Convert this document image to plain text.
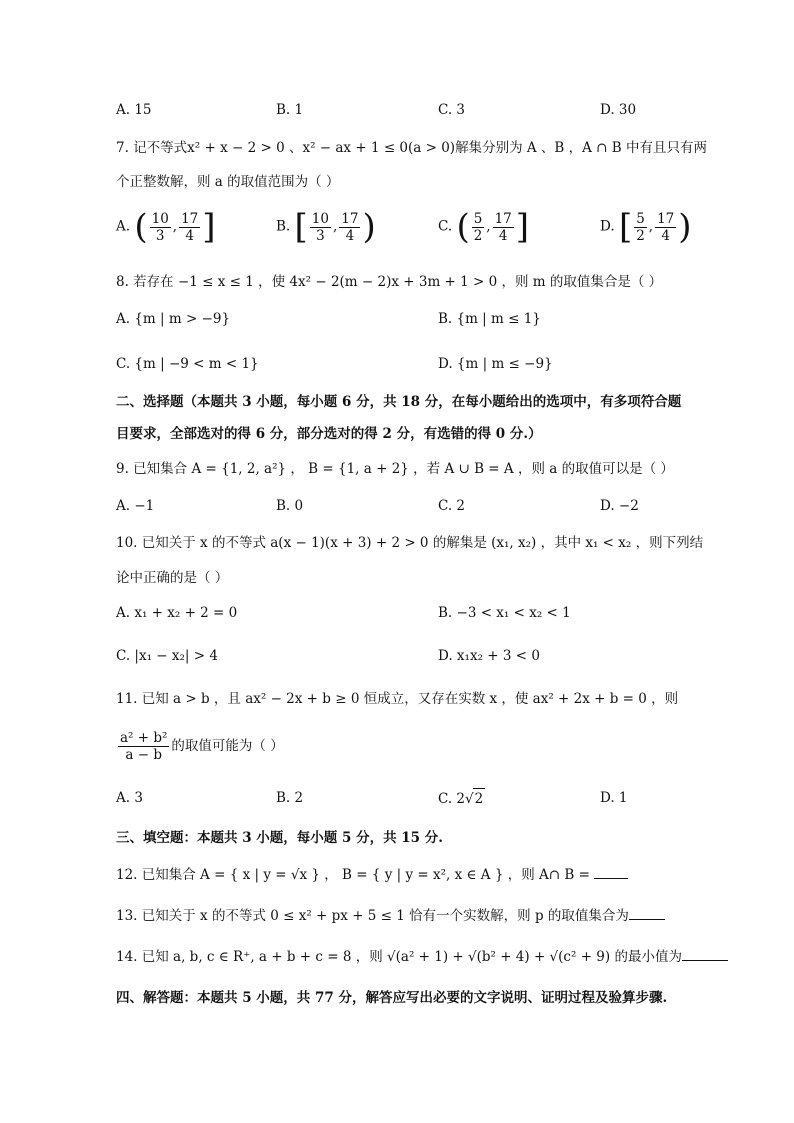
A. 15	B. 1	C. 3	D. 30
7. 记不等式x² + x − 2 > 0 、x² − ax + 1 ≤ 0(a > 0)解集分别为 A 、B ，A ∩ B 中有且只有两
个正整数解，则 a 的取值范围为（ ）
A. ( $\frac{10}{3}$ , $\frac{17}{4}$ ]	B. [ $\frac{10}{3}$ , $\frac{17}{4}$ )	C. ( $\frac{5}{2}$ , $\frac{17}{4}$ ]	D. [ $\frac{5}{2}$ , $\frac{17}{4}$ )
8. 若存在 −1 ≤ x ≤ 1 ，使 4x² − 2(m − 2)x + 3m + 1 > 0 ，则 m 的取值集合是（ ）
A. {m | m > −9}	B. {m | m ≤ 1}
C. {m | −9 < m < 1}	D. {m | m ≤ −9}
二、选择题（本题共 3 小题，每小题 6 分，共 18 分，在每小题给出的选项中，有多项符合题
目要求，全部选对的得 6 分，部分选对的得 2 分，有选错的得 0 分.）
9. 已知集合 A = {1, 2, a²} ， B = {1, a + 2} ，若 A ∪ B = A ，则 a 的取值可以是（ ）
A. −1	B. 0	C. 2	D. −2
10. 已知关于 x 的不等式 a(x − 1)(x + 3) + 2 > 0 的解集是 (x₁, x₂) ，其中 x₁ < x₂ ，则下列结
论中正确的是（ ）
A. x₁ + x₂ + 2 = 0	B. −3 < x₁ < x₂ < 1
C. |x₁ − x₂| > 4	D. x₁x₂ + 3 < 0
11. 已知 a > b ，且 ax² − 2x + b ≥ 0 恒成立，又存在实数 x ，使 ax² + 2x + b = 0 ，则
$\frac{\text{a² + b²}}{a - b}$ 的取值可能为（ ）
A. 3	B. 2	C. 2√2	D. 1
三、填空题：本题共 3 小题，每小题 5 分，共 15 分.
12. 已知集合 A = { x | y = √x } ， B = { y | y = x², x ∈ A } ，则 A∩ B =
13. 已知关于 x 的不等式 0 ≤ x² + px + 5 ≤ 1 恰有一个实数解，则 p 的取值集合为
14. 已知 a, b, c ∈ R⁺, a + b + c = 8 ，则 √(a² + 1) + √(b² + 4) + √(c² + 9) 的最小值为
四、解答题：本题共 5 小题，共 77 分，解答应写出必要的文字说明、证明过程及验算步骤.
